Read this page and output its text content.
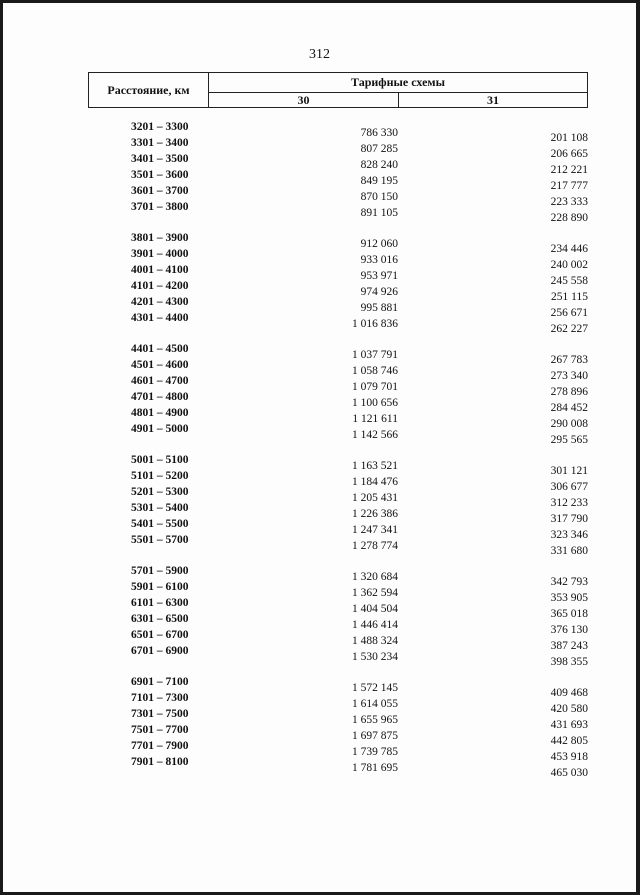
312
Расстояние, км
Тарифные схемы
30	31
3201 – 3300	786 330	201 108
3301 – 3400	807 285	206 665
3401 – 3500	828 240	212 221
3501 – 3600	849 195	217 777
3601 – 3700	870 150	223 333
3701 – 3800	891 105	228 890
3801 – 3900	912 060	234 446
3901 – 4000	933 016	240 002
4001 – 4100	953 971	245 558
4101 – 4200	974 926	251 115
4201 – 4300	995 881	256 671
4301 – 4400	1 016 836	262 227
4401 – 4500	1 037 791	267 783
4501 – 4600	1 058 746	273 340
4601 – 4700	1 079 701	278 896
4701 – 4800	1 100 656	284 452
4801 – 4900	1 121 611	290 008
4901 – 5000	1 142 566	295 565
5001 – 5100	1 163 521	301 121
5101 – 5200	1 184 476	306 677
5201 – 5300	1 205 431	312 233
5301 – 5400	1 226 386	317 790
5401 – 5500	1 247 341	323 346
5501 – 5700	1 278 774	331 680
5701 – 5900	1 320 684	342 793
5901 – 6100	1 362 594	353 905
6101 – 6300	1 404 504	365 018
6301 – 6500	1 446 414	376 130
6501 – 6700	1 488 324	387 243
6701 – 6900	1 530 234	398 355
6901 – 7100	1 572 145	409 468
7101 – 7300	1 614 055	420 580
7301 – 7500	1 655 965	431 693
7501 – 7700	1 697 875	442 805
7701 – 7900	1 739 785	453 918
7901 – 8100	1 781 695	465 030
